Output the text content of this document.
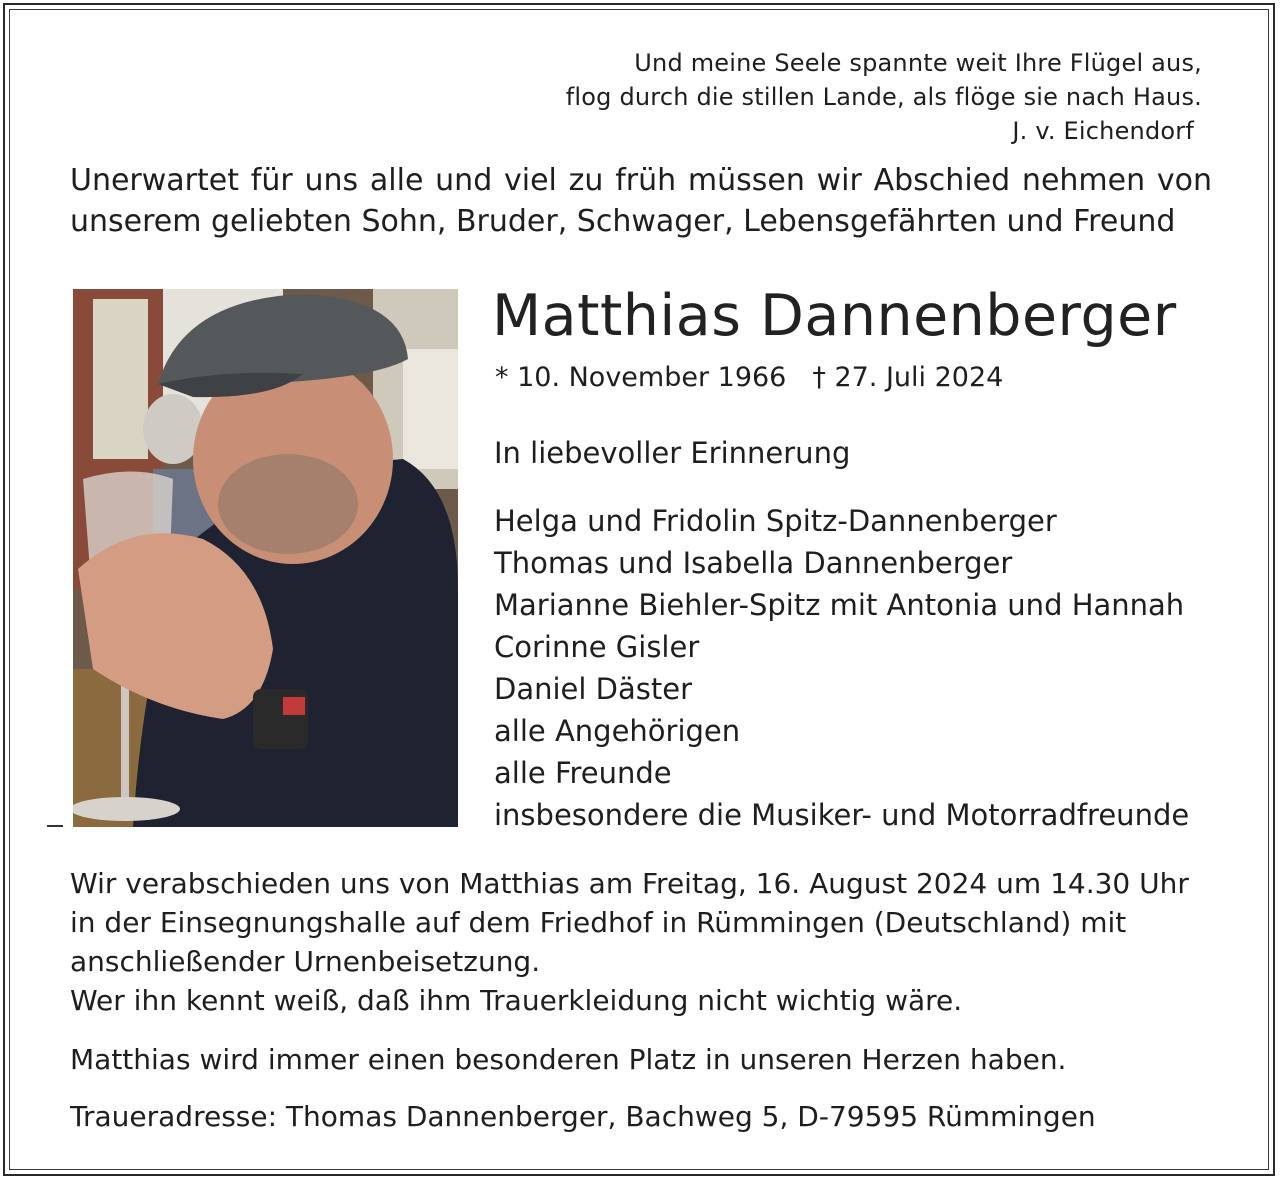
Und meine Seele spannte weit Ihre Flügel aus,
flog durch die stillen Lande, als flöge sie nach Haus.
J. v. Eichendorf
Unerwartet für uns alle und viel zu früh müssen wir Abschied nehmen von unserem geliebten Sohn, Bruder, Schwager, Lebensgefährten und Freund
Matthias Dannenberger
* 10. November 1966 † 27. Juli 2024
In liebevoller Erinnerung
Helga und Fridolin Spitz-Dannenberger
Thomas und Isabella Dannenberger
Marianne Biehler-Spitz mit Antonia und Hannah
Corinne Gisler
Daniel Däster
alle Angehörigen
alle Freunde
insbesondere die Musiker- und Motorradfreunde
Wir verabschieden uns von Matthias am Freitag, 16. August 2024 um 14.30 Uhr
in der Einsegnungshalle auf dem Friedhof in Rümmingen (Deutschland) mit
anschließender Urnenbeisetzung.
Wer ihn kennt weiß, daß ihm Trauerkleidung nicht wichtig wäre.
Matthias wird immer einen besonderen Platz in unseren Herzen haben.
Traueradresse: Thomas Dannenberger, Bachweg 5, D-79595 Rümmingen
